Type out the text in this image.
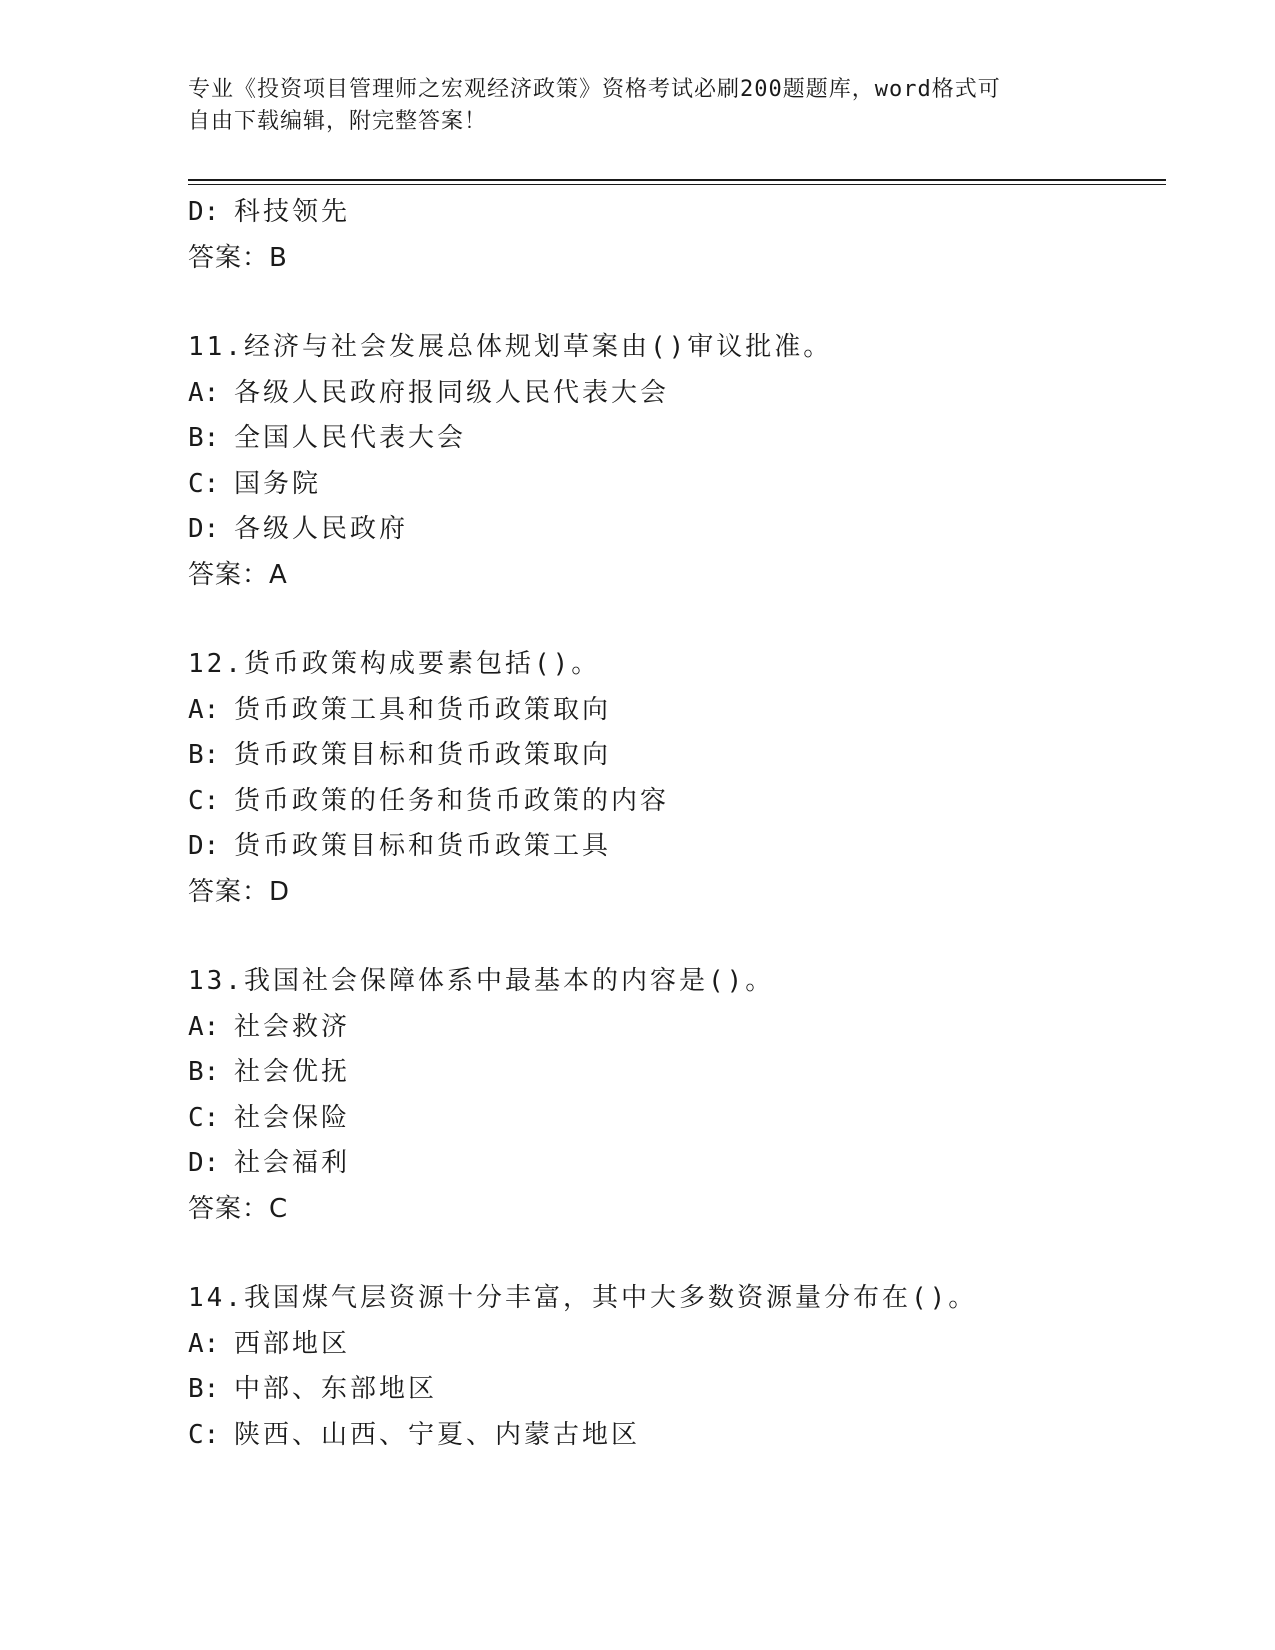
专业《投资项目管理师之宏观经济政策》资格考试必刷200题题库，word格式可
自由下载编辑，附完整答案！
D: 科技领先
答案：B
11.经济与社会发展总体规划草案由()审议批准。
A: 各级人民政府报同级人民代表大会
B: 全国人民代表大会
C: 国务院
D: 各级人民政府
答案：A
12.货币政策构成要素包括()。
A: 货币政策工具和货币政策取向
B: 货币政策目标和货币政策取向
C: 货币政策的任务和货币政策的内容
D: 货币政策目标和货币政策工具
答案：D
13.我国社会保障体系中最基本的内容是()。
A: 社会救济
B: 社会优抚
C: 社会保险
D: 社会福利
答案：C
14.我国煤气层资源十分丰富，其中大多数资源量分布在()。
A: 西部地区
B: 中部、东部地区
C: 陕西、山西、宁夏、内蒙古地区
